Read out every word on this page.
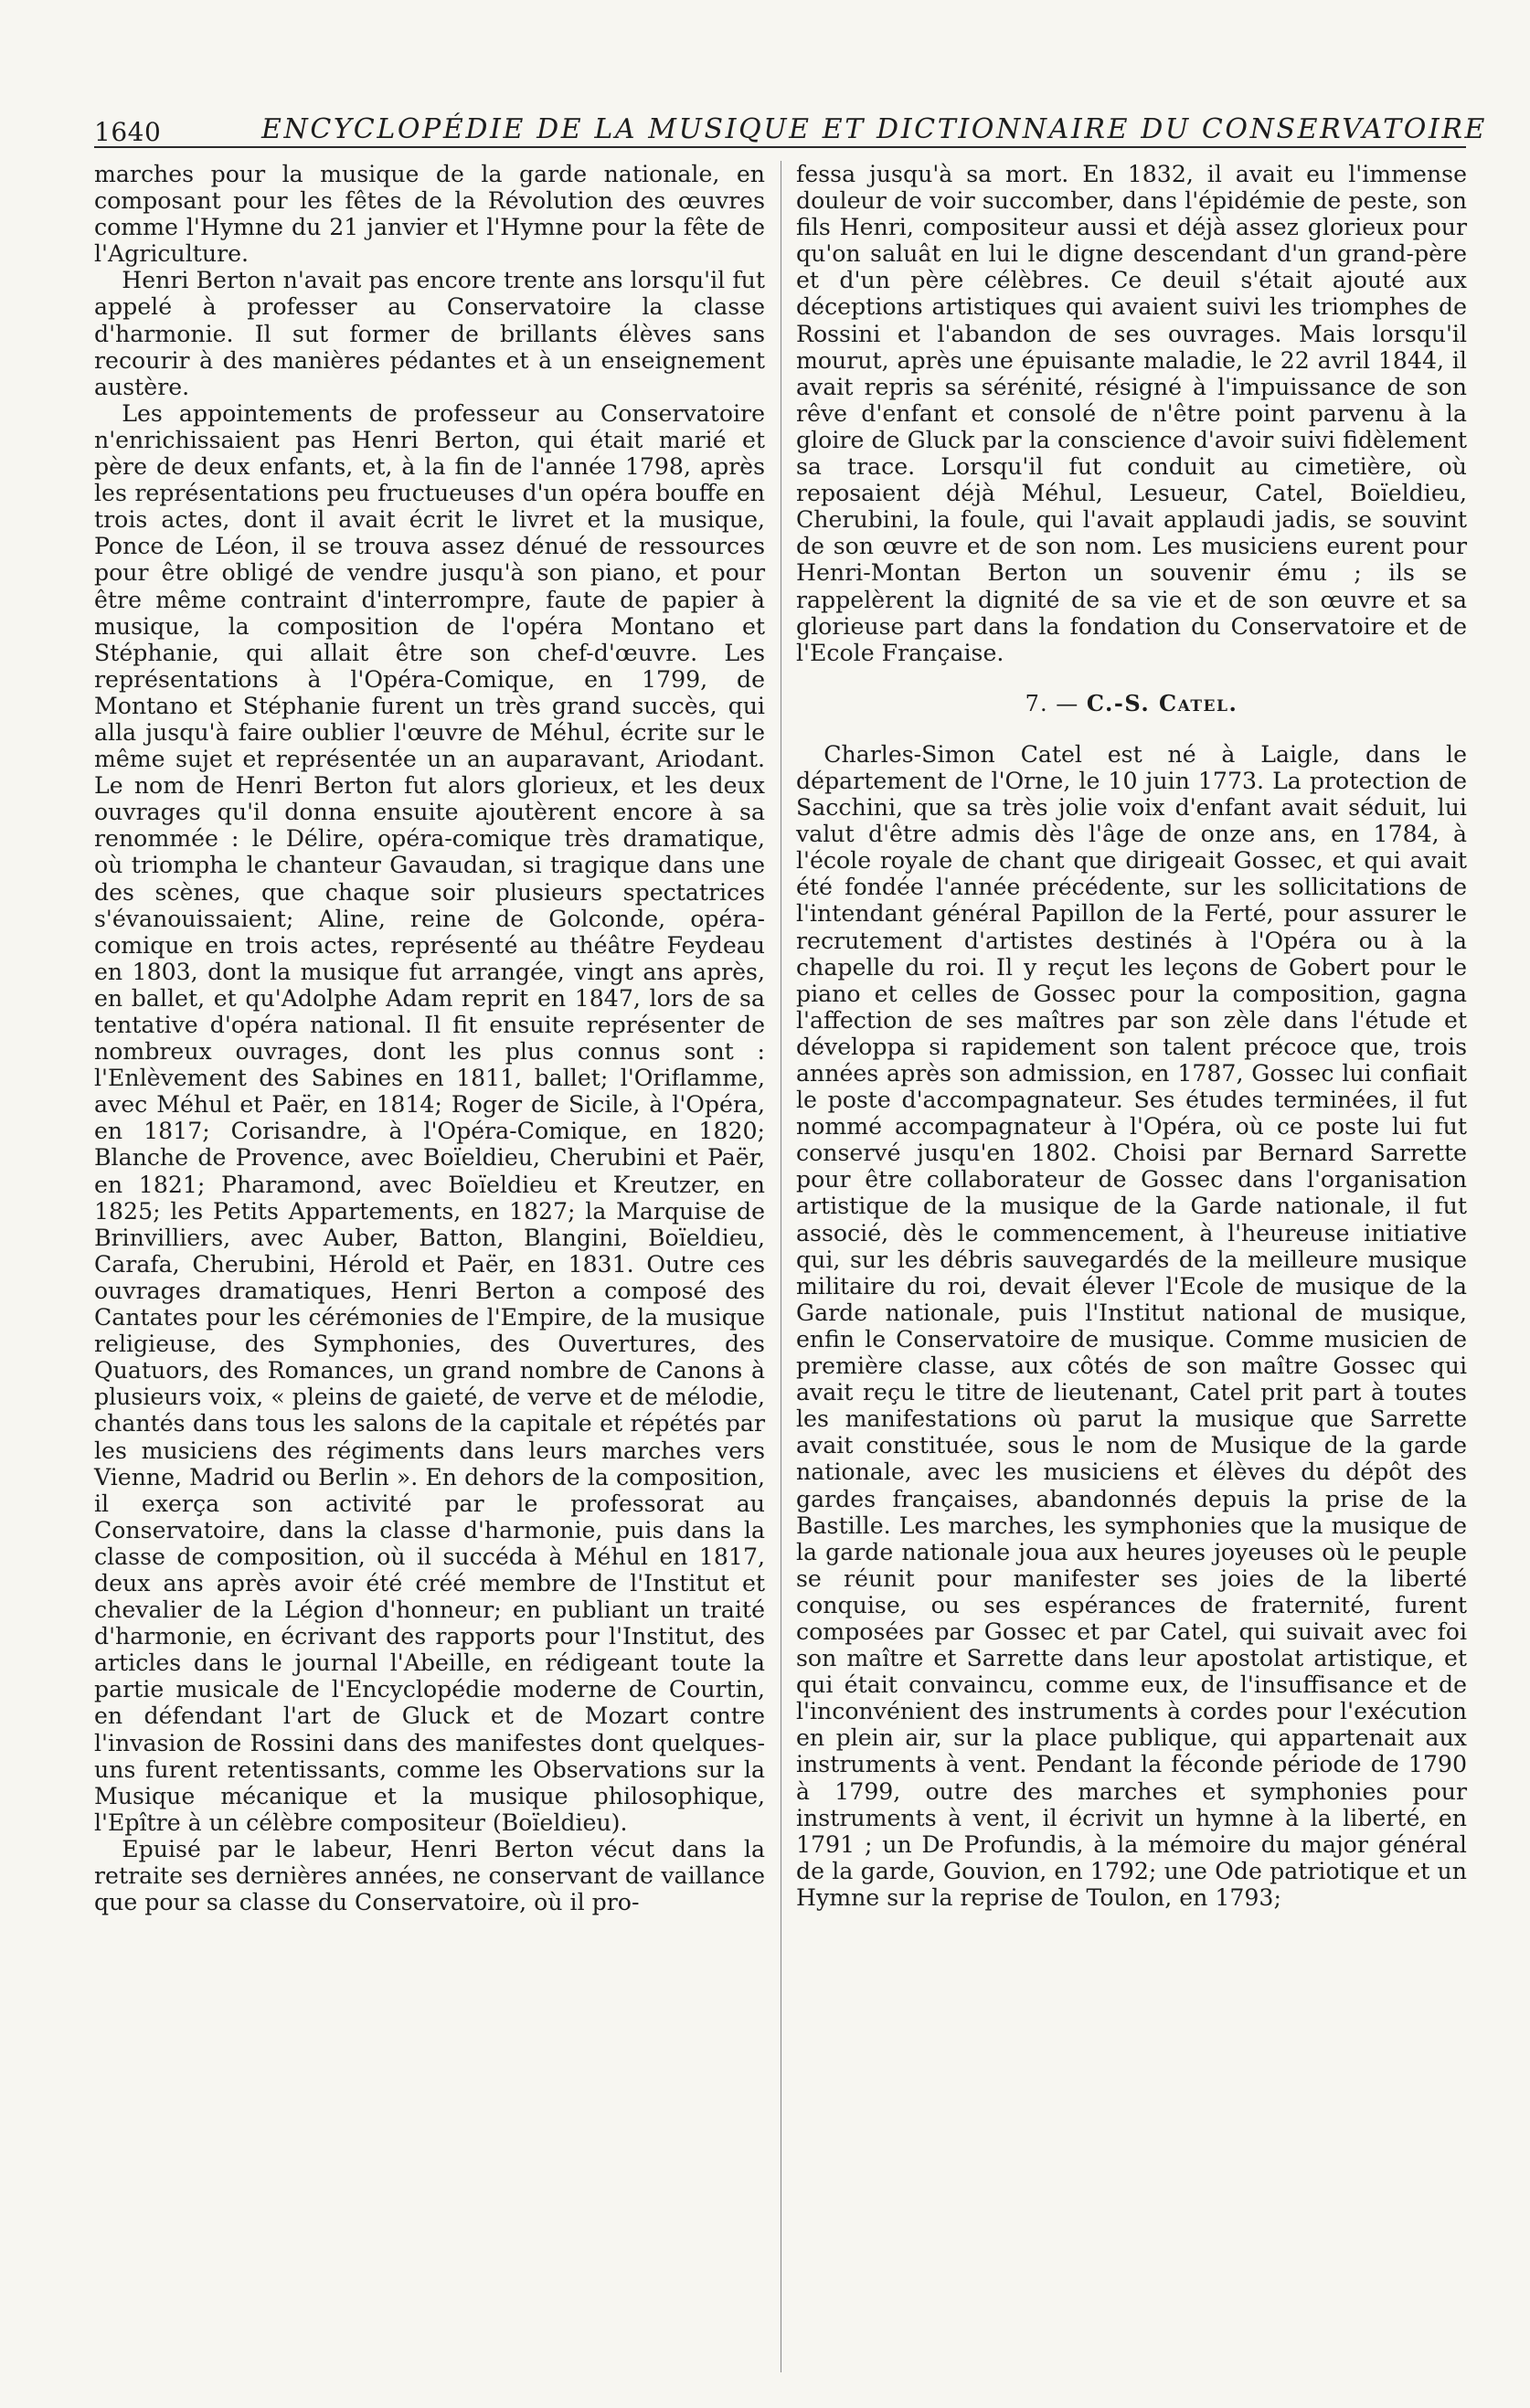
1640	ENCYCLOPÉDIE DE LA MUSIQUE ET DICTIONNAIRE DU CONSERVATOIRE

marches pour la musique de la garde nationale, en composant pour les fêtes de la Révolution des œuvres comme l'Hymne du 21 janvier et l'Hymne pour la fête de l'Agriculture.

Henri Berton n'avait pas encore trente ans lorsqu'il fut appelé à professer au Conservatoire la classe d'harmonie. Il sut former de brillants élèves sans recourir à des manières pédantes et à un enseignement austère.

Les appointements de professeur au Conservatoire n'enrichissaient pas Henri Berton, qui était marié et père de deux enfants, et, à la fin de l'année 1798, après les représentations peu fructueuses d'un opéra bouffe en trois actes, dont il avait écrit le livret et la musique, Ponce de Léon, il se trouva assez dénué de ressources pour être obligé de vendre jusqu'à son piano, et pour être même contraint d'interrompre, faute de papier à musique, la composition de l'opéra Montano et Stéphanie, qui allait être son chef-d'œuvre. Les représentations à l'Opéra-Comique, en 1799, de Montano et Stéphanie furent un très grand succès, qui alla jusqu'à faire oublier l'œuvre de Méhul, écrite sur le même sujet et représentée un an auparavant, Ariodant. Le nom de Henri Berton fut alors glorieux, et les deux ouvrages qu'il donna ensuite ajoutèrent encore à sa renommée : le Délire, opéra-comique très dramatique, où triompha le chanteur Gavaudan, si tragique dans une des scènes, que chaque soir plusieurs spectatrices s'évanouissaient; Aline, reine de Golconde, opéra-comique en trois actes, représenté au théâtre Feydeau en 1803, dont la musique fut arrangée, vingt ans après, en ballet, et qu'Adolphe Adam reprit en 1847, lors de sa tentative d'opéra national. Il fit ensuite représenter de nombreux ouvrages, dont les plus connus sont : l'Enlèvement des Sabines en 1811, ballet; l'Oriflamme, avec Méhul et Paër, en 1814; Roger de Sicile, à l'Opéra, en 1817; Corisandre, à l'Opéra-Comique, en 1820; Blanche de Provence, avec Boïeldieu, Cherubini et Paër, en 1821; Pharamond, avec Boïeldieu et Kreutzer, en 1825; les Petits Appartements, en 1827; la Marquise de Brinvilliers, avec Auber, Batton, Blangini, Boïeldieu, Carafa, Cherubini, Hérold et Paër, en 1831. Outre ces ouvrages dramatiques, Henri Berton a composé des Cantates pour les cérémonies de l'Empire, de la musique religieuse, des Symphonies, des Ouvertures, des Quatuors, des Romances, un grand nombre de Canons à plusieurs voix, « pleins de gaieté, de verve et de mélodie, chantés dans tous les salons de la capitale et répétés par les musiciens des régiments dans leurs marches vers Vienne, Madrid ou Berlin ». En dehors de la composition, il exerça son activité par le professorat au Conservatoire, dans la classe d'harmonie, puis dans la classe de composition, où il succéda à Méhul en 1817, deux ans après avoir été créé membre de l'Institut et chevalier de la Légion d'honneur; en publiant un traité d'harmonie, en écrivant des rapports pour l'Institut, des articles dans le journal l'Abeille, en rédigeant toute la partie musicale de l'Encyclopédie moderne de Courtin, en défendant l'art de Gluck et de Mozart contre l'invasion de Rossini dans des manifestes dont quelques-uns furent retentissants, comme les Observations sur la Musique mécanique et la musique philosophique, l'Epître à un célèbre compositeur (Boïeldieu).

Epuisé par le labeur, Henri Berton vécut dans la retraite ses dernières années, ne conservant de vaillance que pour sa classe du Conservatoire, où il pro-

fessa jusqu'à sa mort. En 1832, il avait eu l'immense douleur de voir succomber, dans l'épidémie de peste, son fils Henri, compositeur aussi et déjà assez glorieux pour qu'on saluât en lui le digne descendant d'un grand-père et d'un père célèbres. Ce deuil s'était ajouté aux déceptions artistiques qui avaient suivi les triomphes de Rossini et l'abandon de ses ouvrages. Mais lorsqu'il mourut, après une épuisante maladie, le 22 avril 1844, il avait repris sa sérénité, résigné à l'impuissance de son rêve d'enfant et consolé de n'être point parvenu à la gloire de Gluck par la conscience d'avoir suivi fidèlement sa trace. Lorsqu'il fut conduit au cimetière, où reposaient déjà Méhul, Lesueur, Catel, Boïeldieu, Cherubini, la foule, qui l'avait applaudi jadis, se souvint de son œuvre et de son nom. Les musiciens eurent pour Henri-Montan Berton un souvenir ému ; ils se rappelèrent la dignité de sa vie et de son œuvre et sa glorieuse part dans la fondation du Conservatoire et de l'Ecole Française.

7. — C.-S. Catel.

Charles-Simon Catel est né à Laigle, dans le département de l'Orne, le 10 juin 1773. La protection de Sacchini, que sa très jolie voix d'enfant avait séduit, lui valut d'être admis dès l'âge de onze ans, en 1784, à l'école royale de chant que dirigeait Gossec, et qui avait été fondée l'année précédente, sur les sollicitations de l'intendant général Papillon de la Ferté, pour assurer le recrutement d'artistes destinés à l'Opéra ou à la chapelle du roi. Il y reçut les leçons de Gobert pour le piano et celles de Gossec pour la composition, gagna l'affection de ses maîtres par son zèle dans l'étude et développa si rapidement son talent précoce que, trois années après son admission, en 1787, Gossec lui confiait le poste d'accompagnateur. Ses études terminées, il fut nommé accompagnateur à l'Opéra, où ce poste lui fut conservé jusqu'en 1802. Choisi par Bernard Sarrette pour être collaborateur de Gossec dans l'organisation artistique de la musique de la Garde nationale, il fut associé, dès le commencement, à l'heureuse initiative qui, sur les débris sauvegardés de la meilleure musique militaire du roi, devait élever l'Ecole de musique de la Garde nationale, puis l'Institut national de musique, enfin le Conservatoire de musique. Comme musicien de première classe, aux côtés de son maître Gossec qui avait reçu le titre de lieutenant, Catel prit part à toutes les manifestations où parut la musique que Sarrette avait constituée, sous le nom de Musique de la garde nationale, avec les musiciens et élèves du dépôt des gardes françaises, abandonnés depuis la prise de la Bastille. Les marches, les symphonies que la musique de la garde nationale joua aux heures joyeuses où le peuple se réunit pour manifester ses joies de la liberté conquise, ou ses espérances de fraternité, furent composées par Gossec et par Catel, qui suivait avec foi son maître et Sarrette dans leur apostolat artistique, et qui était convaincu, comme eux, de l'insuffisance et de l'inconvénient des instruments à cordes pour l'exécution en plein air, sur la place publique, qui appartenait aux instruments à vent. Pendant la féconde période de 1790 à 1799, outre des marches et symphonies pour instruments à vent, il écrivit un hymne à la liberté, en 1791 ; un De Profundis, à la mémoire du major général de la garde, Gouvion, en 1792; une Ode patriotique et un Hymne sur la reprise de Toulon, en 1793;
